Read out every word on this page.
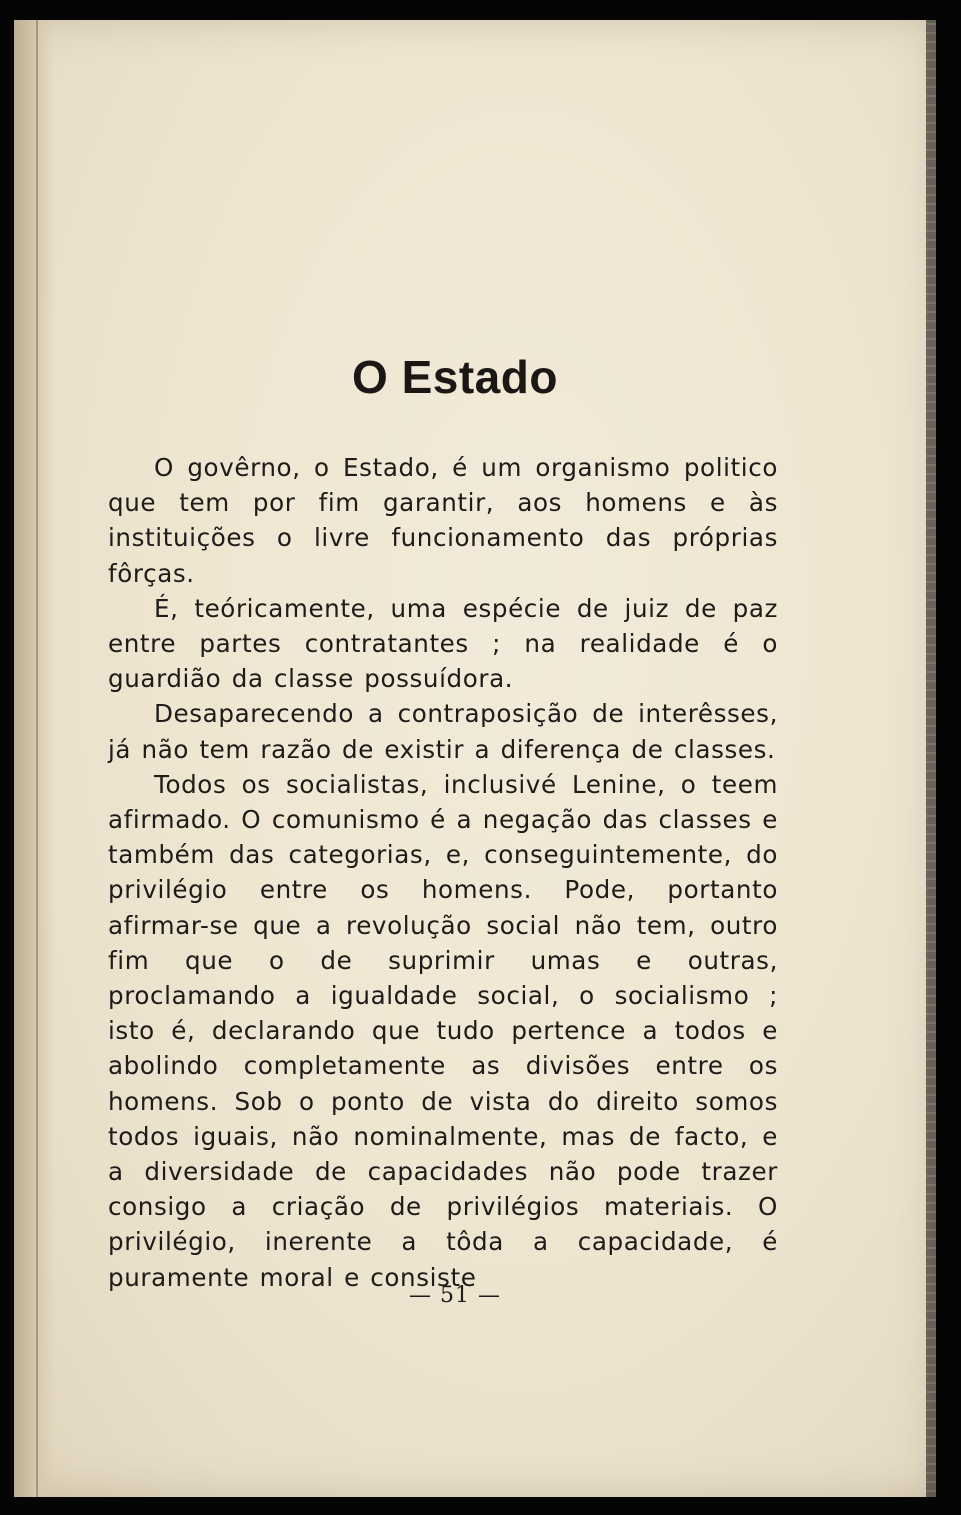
O Estado

O govêrno, o Estado, é um organismo politico que tem por fim garantir, aos homens e às instituições o livre funcionamento das próprias fôrças.

É, teóricamente, uma espécie de juiz de paz entre partes contratantes ; na realidade é o guardião da classe possuídora.

Desaparecendo a contraposição de interêsses, já não tem razão de existir a diferença de classes.

Todos os socialistas, inclusivé Lenine, o teem afirmado. O comunismo é a negação das classes e também das categorias, e, conseguintemente, do privilégio entre os homens. Pode, portanto afirmar-se que a revolução social não tem, outro fim que o de suprimir umas e outras, proclamando a igualdade social, o socialismo ; isto é, declarando que tudo pertence a todos e abolindo completamente as divisões entre os homens. Sob o ponto de vista do direito somos todos iguais, não nominalmente, mas de facto, e a diversidade de capacidades não pode trazer consigo a criação de privilégios materiais. O privilégio, inerente a tôda a capacidade, é puramente moral e consiste

— 51 —
